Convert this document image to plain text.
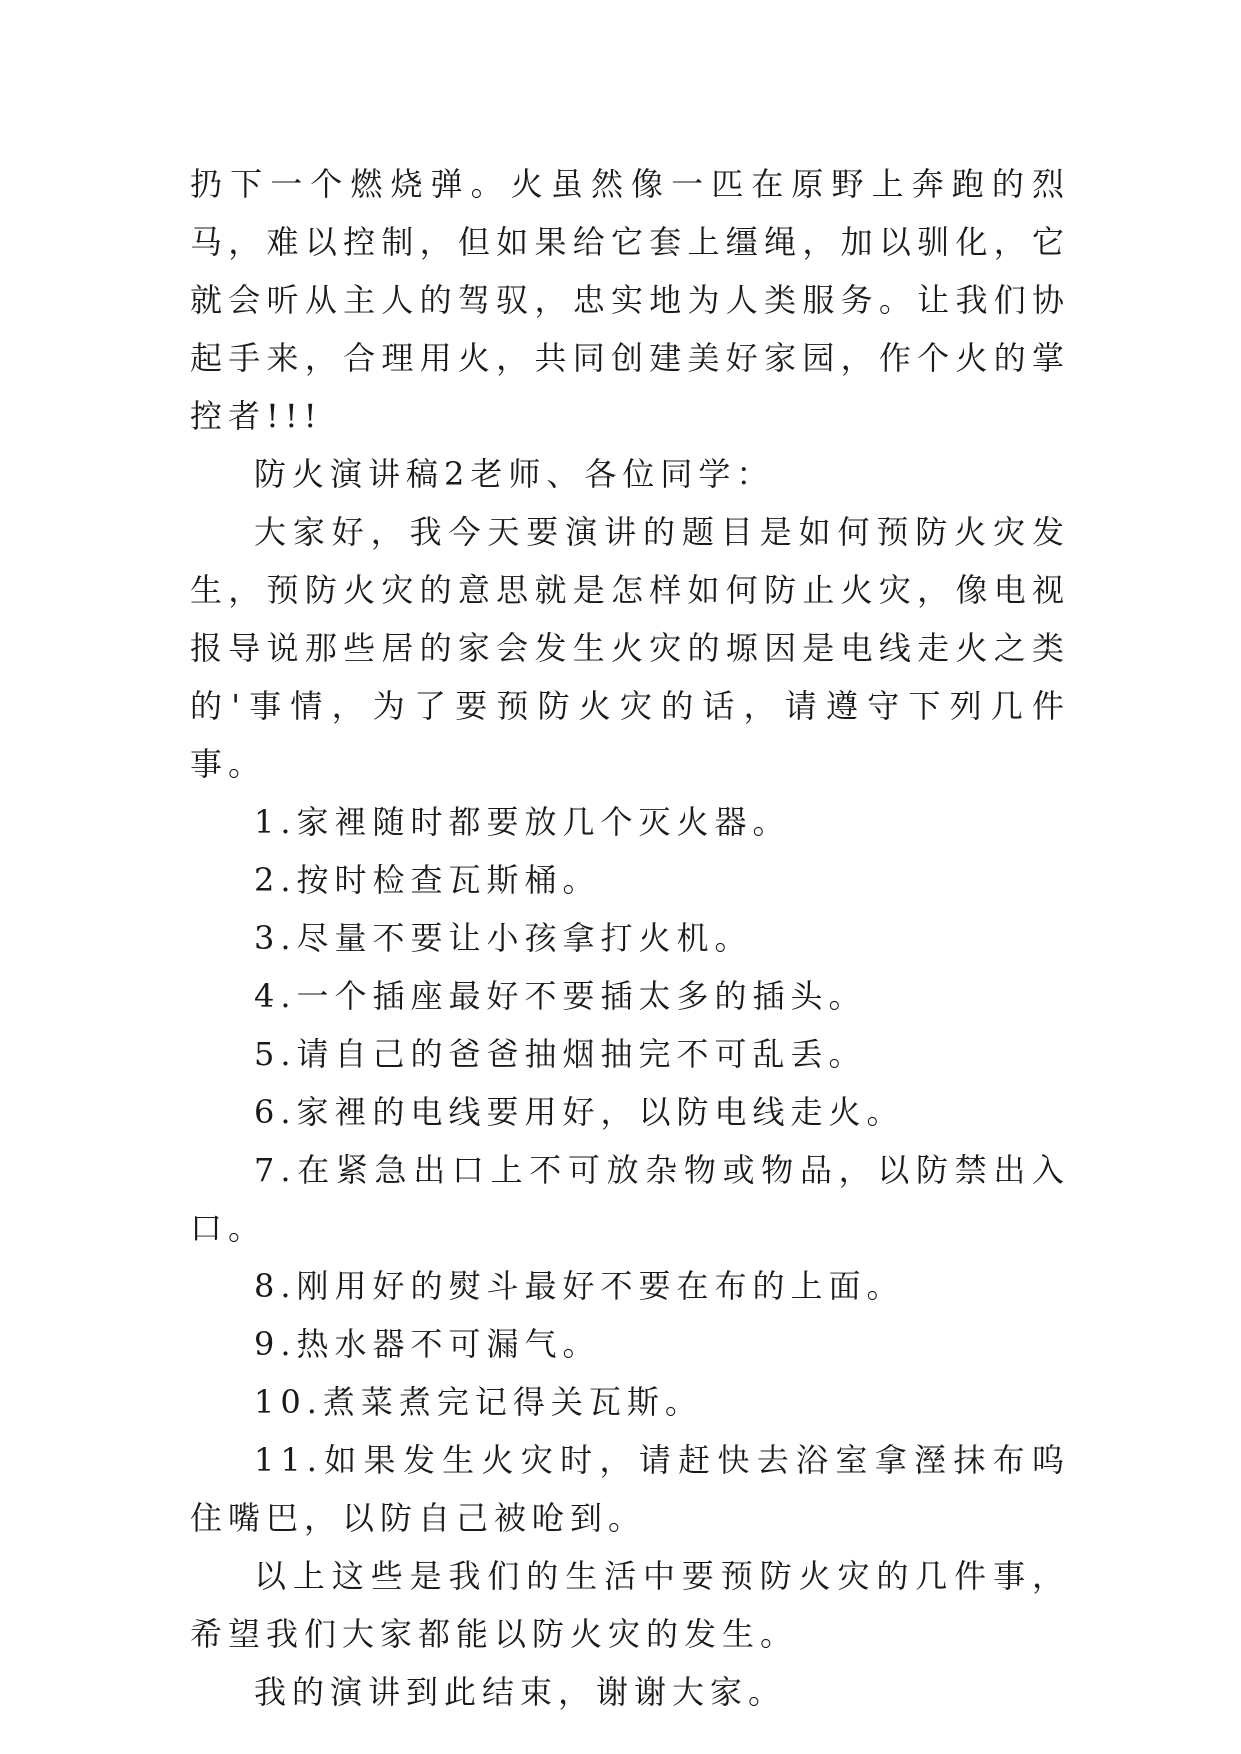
扔下一个燃烧弹。火虽然像一匹在原野上奔跑的烈马，难以控制，但如果给它套上缰绳，加以驯化，它就会听从主人的驾驭，忠实地为人类服务。让我们协起手来，合理用火，共同创建美好家园，作个火的掌控者!!!

防火演讲稿2老师、各位同学：

大家好，我今天要演讲的题目是如何预防火灾发生，预防火灾的意思就是怎样如何防止火灾，像电视报导说那些居的家会发生火灾的塬因是电线走火之类的'事情，为了要预防火灾的话，请遵守下列几件事。

1.家裡随时都要放几个灭火器。

2.按时检查瓦斯桶。

3.尽量不要让小孩拿打火机。

4.一个插座最好不要插太多的插头。

5.请自己的爸爸抽烟抽完不可乱丢。

6.家裡的电线要用好，以防电线走火。

7.在紧急出口上不可放杂物或物品，以防禁出入口。

8.刚用好的熨斗最好不要在布的上面。

9.热水器不可漏气。

10.煮菜煮完记得关瓦斯。

11.如果发生火灾时，请赶快去浴室拿溼抹布呜住嘴巴，以防自己被呛到。

以上这些是我们的生活中要预防火灾的几件事，希望我们大家都能以防火灾的发生。

我的演讲到此结束，谢谢大家。
